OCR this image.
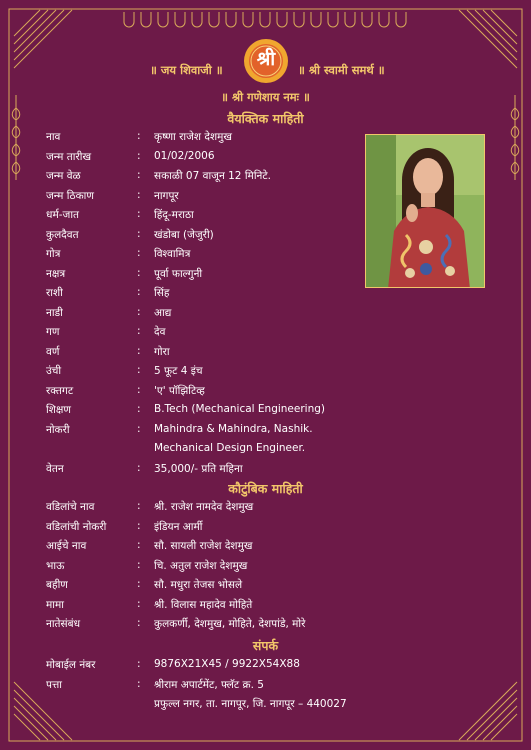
॥ जय शिवाजी ॥	श्री	॥ श्री स्वामी समर्थ ॥
॥ श्री गणेशाय नमः ॥
वैयक्तिक माहिती
नाव	: कृष्णा राजेश देशमुख
जन्म तारीख	: 01/02/2006
जन्म वेळ	: सकाळी 07 वाजून 12 मिनिटे.
जन्म ठिकाण	: नागपूर
धर्म-जात	: हिंदू-मराठा
कुलदैवत	: खंडोबा (जेजुरी)
गोत्र	: विश्वामित्र
नक्षत्र	: पूर्वा फाल्गुनी
राशी	: सिंह
नाडी	: आद्य
गण	: देव
वर्ण	: गोरा
उंची	: 5 फूट 4 इंच
रक्तगट	: 'ए' पॉझिटिव्ह
शिक्षण	: B.Tech (Mechanical Engineering)
नोकरी	: Mahindra & Mahindra, Nashik.
Mechanical Design Engineer.
वेतन	: 35,000/- प्रति महिना
कौटुंबिक माहिती
वडिलांचे नाव	: श्री. राजेश नामदेव देशमुख
वडिलांची नोकरी	: इंडियन आर्मी
आईचे नाव	: सौ. सायली राजेश देशमुख
भाऊ	: चि. अतुल राजेश देशमुख
बहीण	: सौ. मधुरा तेजस भोसले
मामा	: श्री. विलास महादेव मोहिते
नातेसंबंध	: कुलकर्णी, देशमुख, मोहिते, देशपांडे, मोरे
संपर्क
मोबाईल नंबर	: 9876X21X45 / 9922X54X88
पत्ता	: श्रीराम अपार्टमेंट, फ्लॅट क्र. 5
प्रफुल्ल नगर, ता. नागपूर, जि. नागपूर – 440027
